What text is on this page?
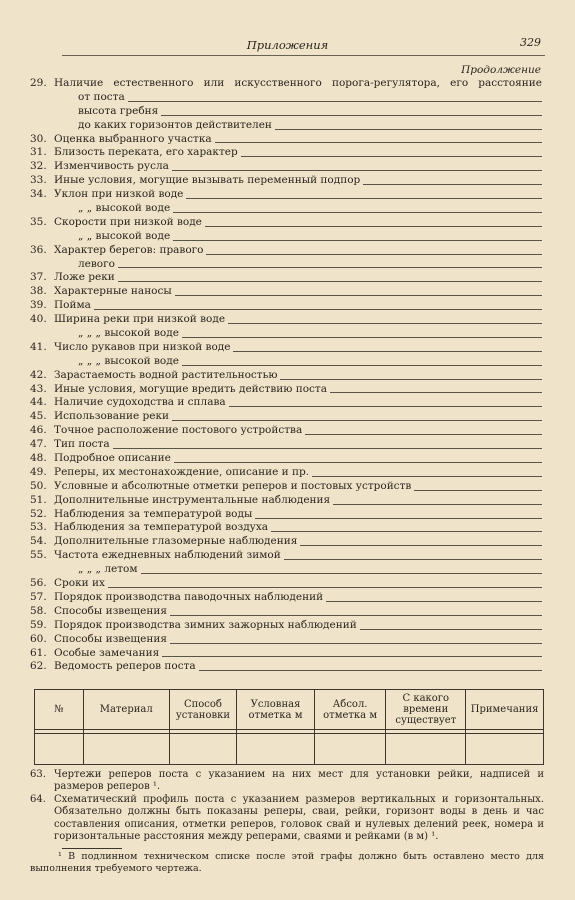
Приложения	329
Продолжение
29. Наличие естественного или искусственного порога-регулятора, его расстояние
от поста
высота гребня
до каких горизонтов действителен
30. Оценка выбранного участка
31. Близость переката, его характер
32. Изменчивость русла
33. Иные условия, могущие вызывать переменный подпор
34. Уклон при низкой воде
„ „ высокой воде
35. Скорости при низкой воде
„ „ высокой воде
36. Характер берегов: правого
левого
37. Ложе реки
38. Характерные наносы
39. Пойма
40. Ширина реки при низкой воде
„ „ „ высокой воде
41. Число рукавов при низкой воде
„ „ „ высокой воде
42. Зарастаемость водной растительностью
43. Иные условия, могущие вредить действию поста
44. Наличие судоходства и сплава
45. Использование реки
46. Точное расположение постового устройства
47. Тип поста
48. Подробное описание
49. Реперы, их местонахождение, описание и пр.
50. Условные и абсолютные отметки реперов и постовых устройств
51. Дополнительные инструментальные наблюдения
52. Наблюдения за температурой воды
53. Наблюдения за температурой воздуха
54. Дополнительные глазомерные наблюдения
55. Частота ежедневных наблюдений зимой
„ „ „ летом
56. Сроки их
57. Порядок производства паводочных наблюдений
58. Способы извещения
59. Порядок производства зимних зажорных наблюдений
60. Способы извещения
61. Особые замечания
62. Ведомость реперов поста
№	Материал	Способ установки	Условная отметка м	Абсол. отметка м	С какого времени существует	Примечания

63. Чертежи реперов поста с указанием на них мест для установки рейки, надписей и размеров реперов ¹.
64. Схематический профиль поста с указанием размеров вертикальных и горизонтальных. Обязательно должны быть показаны реперы, сваи, рейки, горизонт воды в день и час составления описания, отметки реперов, головок свай и нулевых делений реек, номера и горизонтальные расстояния между реперами, сваями и рейками (в м) ¹.
¹ В подлинном техническом списке после этой графы должно быть оставлено место для выполнения требуемого чертежа.
